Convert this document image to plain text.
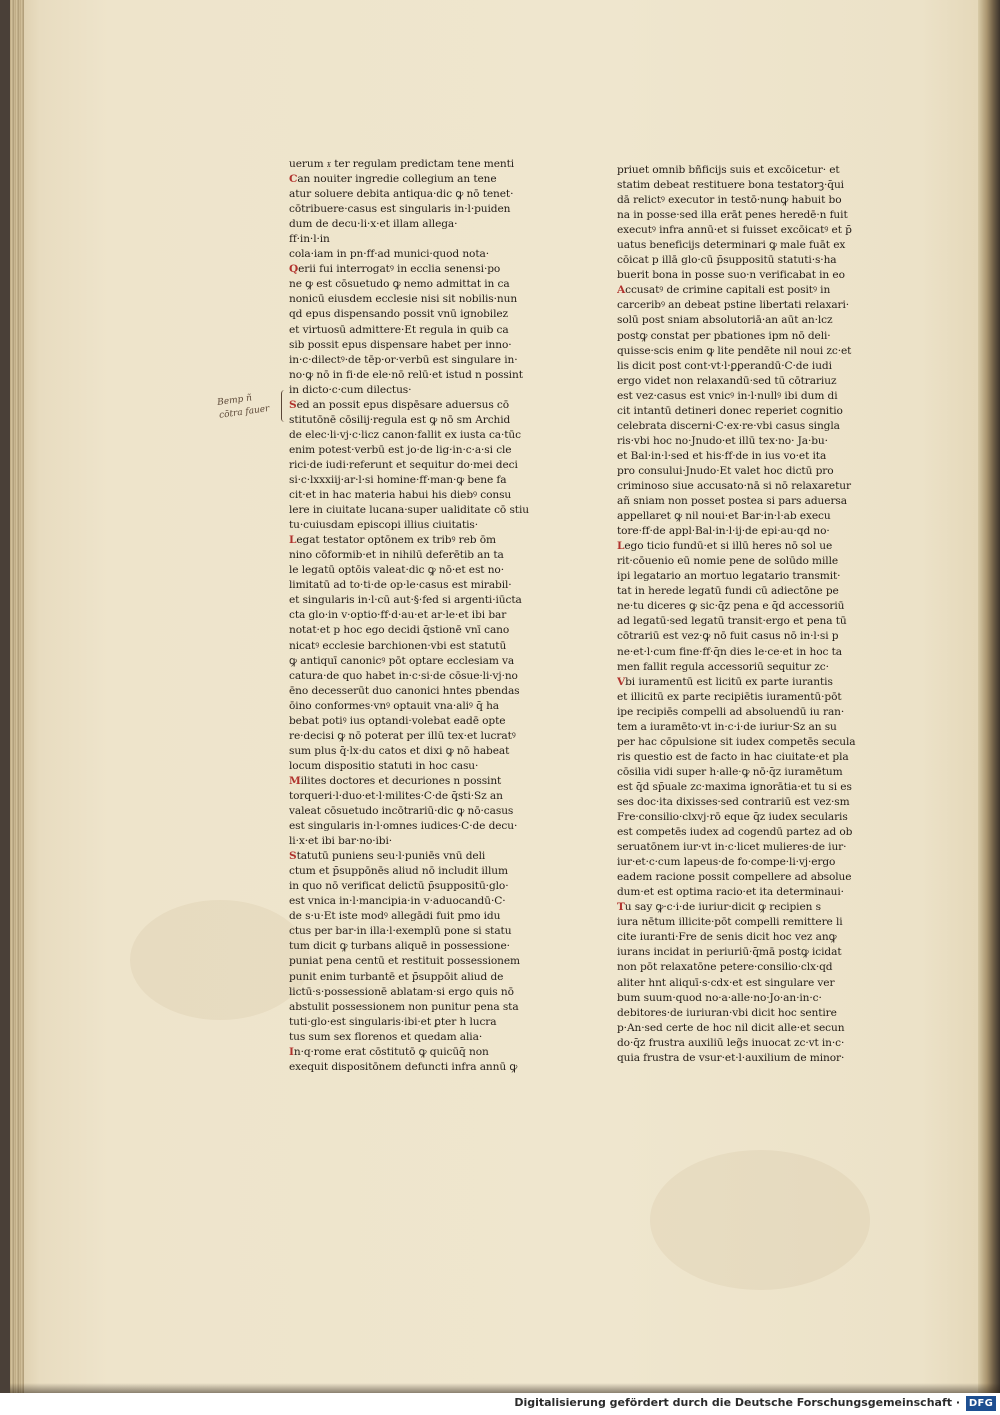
Bemp ñ
cōtra fauer
uerum 𝔵 ter regulam predictam tene menti
Can nouiter ingredie collegium an tene
atur soluere debita antiqua·dic ꝙ nō tenet·
cōtribuere·casus est singularis in·l·puiden
dum de decu·li·x·et illam allega·
ff·in·l·in
cola·iam in pn·ff·ad munici·quod nota·
Qerii fui interrogatꝰ in ecclia senensi·po
ne ꝙ est cōsuetudo ꝙ nemo admittat in ca
nonicū eiusdem ecclesie nisi sit nobilis·nun
qd epus dispensando possit vnū ignobilez
et virtuosū admittere·Et regula in quib ca
sib possit epus dispensare habet per inno·
in·c·dilectꝰ·de tēp·or·verbū est singulare in·
no·ꝙ nō in fi·de ele·nō relū·et istud n possint
in dicto·c·cum dilectus·
Sed an possit epus dispēsare aduersus cō
stitutōnē cōsilij·regula est ꝙ nō sm Archid
de elec·li·vj·c·licz canon·fallit ex iusta ca·tūc
enim potest·verbū est jo·de lig·in·c·a·si cle
rici·de iudi·referunt et sequitur do·mei deci
si·c·lxxxiij·ar·l·si homine·ff·man·ꝙ bene fa
cit·et in hac materia habui his diebꝰ consu
lere in ciuitate lucana·super ualiditate cō stiu
tu·cuiusdam episcopi illius ciuitatis·
Legat testator optōnem ex tribꝰ reb ōm
nino cōformib·et in nihilū deferētib an ta
le legatū optōis valeat·dic ꝙ nō·et est no·
limitatū ad to·ti·de op·le·casus est mirabil·
et singularis in·l·cū aut·§·fed si argenti·iūcta
cta glo·in v·optio·ff·d·au·et ar·le·et ibi bar
notat·et p hoc ego decidi q̄stionē vnī cano
nicatꝰ ecclesie barchionen·vbi est statutū
ꝙ antiquī canonicꝰ pōt optare ecclesiam va
catura·de quo habet in·c·si·de cōsue·li·vj·no
ēno decesserūt duo canonici hntes pbendas
ōino conformes·vnꝰ optauit vna·aliꝰ q̄ ha
bebat potiꝰ ius optandi·volebat eadē opte
re·decisi ꝙ nō poterat per illū tex·et lucratꝰ
sum plus q̄·lx·du catos et dixi ꝙ nō habeat
locum dispositio statuti in hoc casu·
Milites doctores et decuriones n possint
torqueri·l·duo·et·l·milites·C·de q̄sti·Sz an
valeat cōsuetudo incōtrariū·dic ꝙ nō·casus
est singularis in·l·omnes iudices·C·de decu·
li·x·et ibi bar·no·ibi·
Statutū puniens seu·l·puniēs vnū deli
ctum et p̄suppōnēs aliud nō includit illum
in quo nō verificat delictū p̄suppositū·glo·
est vnica in·l·mancipia·in v·aduocandū·C·
de s·u·Et iste modꝰ allegādi fuit pmo idu
ctus per bar·in illa·l·exemplū pone si statu
tum dicit ꝙ turbans aliquē in possessione·
puniat pena centū et restituit possessionem
punit enim turbantē et p̄suppōit aliud de
lictū·s·possessionē ablatam·si ergo quis nō
abstulit possessionem non punitur pena sta
tuti·glo·est singularis·ibi·et ꝑter h lucra
tus sum sex florenos et quedam alia·
In·q·rome erat cōstitutō ꝙ quicūq̄ non
exequit dispositōnem defuncti infra annū ꝙ
priuet omnib bñficijs suis et excōicetur· et
statim debeat restituere bona testatorꝫ·q̄ui
dā relictꝰ executor in testō·nunꝙ habuit bo
na in posse·sed illa erāt penes heredē·n fuit
executꝰ infra annū·et si fuisset excōicatꝰ et p̄
uatus beneficijs determinari ꝙ male fuāt ex
cōicat p illā glo·cū p̄suppositū statuti·s·ha
buerit bona in posse suo·n verificabat in eo
Accusatꝰ de crimine capitali est positꝰ in
carceribꝰ an debeat pstine libertati relaxari·
solū post sniam absolutoriā·an aūt an·lcz
postꝙ constat per pbationes ipm nō deli·
quisse·scis enim ꝙ lite pendēte nil noui zc·et
lis dicit post cont·vt·l·ꝑꝑerandū·C·de iudi
ergo videt non relaxandū·sed tū cōtrariuz
est vez·casus est vnicꝰ in·l·nullꝰ ibi dum di
cit intantū detineri donec reperiet cognitio
celebrata discerni·C·ex·re·vbi casus singla
ris·vbi hoc no·Jnudo·et illū tex·no· Ja·bu·
et Bal·in·l·sed et his·ff·de in ius vo·et ita
pro consului·Jnudo·Et valet hoc dictū pro
criminoso siue accusato·nā si nō relaxaretur
añ sniam non posset postea si pars aduersa
appellaret ꝙ nil noui·et Bar·in·l·ab execu
tore·ff·de appl·Bal·in·l·ij·de epi·au·qd no·
Lego ticio fundū·et si illū heres nō sol ue
rit·cōuenio eū nomie pene de solūdo mille
ipi legatario an mortuo legatario transmit·
tat in herede legatū fundi cū adiectōne pe
ne·tu diceres ꝙ sic·q̄z pena e q̄d accessoriū
ad legatū·sed legatū transit·ergo et pena tū
cōtrariū est vez·ꝙ nō fuit casus nō in·l·si p
ne·et·l·cum fine·ff·q̄n dies le·ce·et in hoc ta
men fallit regula accessoriū sequitur zc·
Vbi iuramentū est licitū ex parte iurantis
et illicitū ex parte recipiētis iuramentū·pōt
ipe recipiēs compelli ad absoluendū iu ran·
tem a iuramēto·vt in·c·i·de iuriur·Sz an su
per hac cōpulsione sit iudex competēs secula
ris questio est de facto in hac ciuitate·et pla
cōsilia vidi super h·alle·ꝙ nō·q̄z iuramētum
est q̄d sp̄uale zc·maxima ignorātia·et tu si es
ses doc·ita dixisses·sed contrariū est vez·sm
Fre·consilio·clxvj·rō eque q̄z iudex secularis
est competēs iudex ad cogendū partez ad ob
seruatōnem iur·vt in·c·licet mulieres·de iur·
iur·et·c·cum lapeus·de fo·compe·li·vj·ergo
eadem racione possit compellere ad absolue
dum·et est optima racio·et ita determinaui·
Tu say ꝙ·c·i·de iuriur·dicit ꝙ recipien s
iura nētum illicite·pōt compelli remittere li
cite iuranti·Fre de senis dicit hoc vez anꝙ
iurans incidat in periuriū·q̄mā postꝙ icidat
non pōt relaxatōne petere·consilio·clx·qd
aliter hnt aliquī·s·cdx·et est singulare ver
bum suum·quod no·a·alle·no·Jo·an·in·c·
debitores·de iuriuran·vbi dicit hoc sentire
p·An·sed certe de hoc nil dicit alle·et secun
do·q̄z frustra auxiliū leg̃s inuocat zc·vt in·c·
quia frustra de vsur·et·l·auxilium de minor·
Digitalisierung gefördert durch die Deutsche Forschungsgemeinschaft · DFG
